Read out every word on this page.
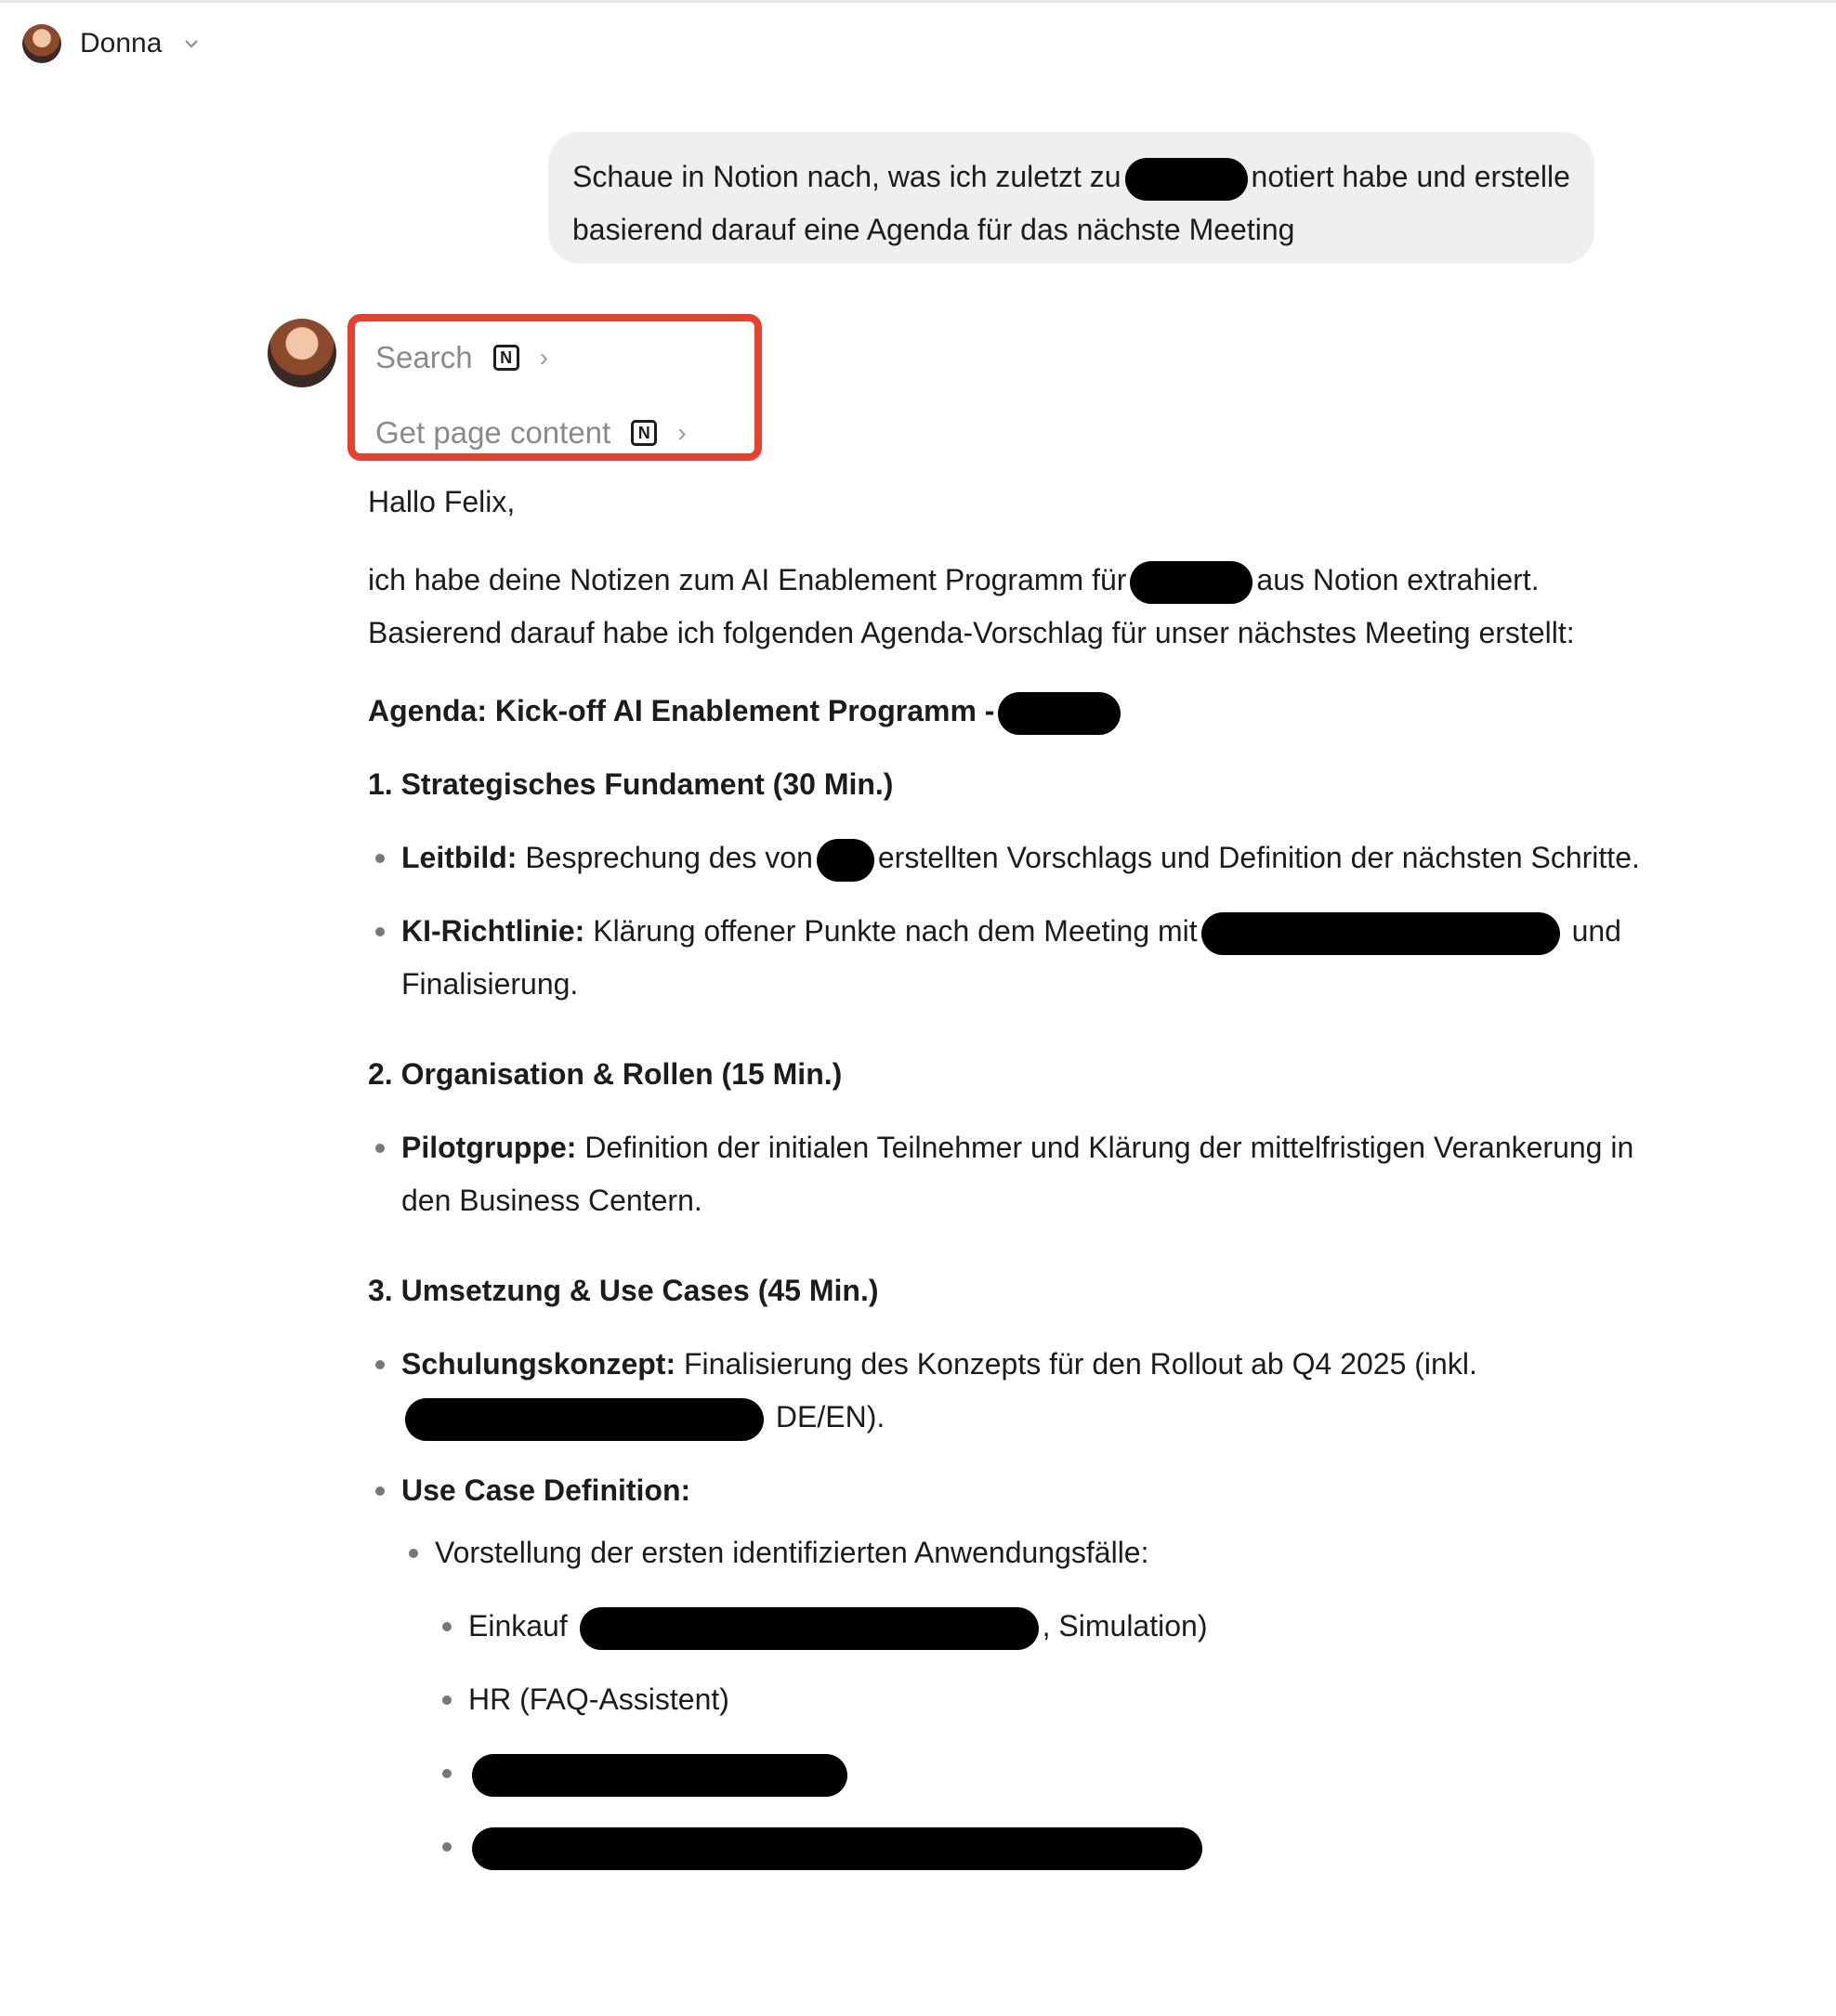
Donna
Schaue in Notion nach, was ich zuletzt zu	notiert habe und erstelle basierend darauf eine Agenda für das nächste Meeting
Search	N ›
Get page content	N ›

Hallo Felix,

ich habe deine Notizen zum AI Enablement Programm für	aus Notion extrahiert. Basierend darauf habe ich folgenden Agenda-Vorschlag für unser nächstes Meeting erstellt:

Agenda: Kick-off AI Enablement Programm -

1. Strategisches Fundament (30 Min.)

Leitbild: Besprechung des von erstellten Vorschlags und Definition der nächsten Schritte.
KI-Richtlinie: Klärung offener Punkte nach dem Meeting mit	und Finalisierung.

2. Organisation & Rollen (15 Min.)

Pilotgruppe: Definition der initialen Teilnehmer und Klärung der mittelfristigen Verankerung in den Business Centern.

3. Umsetzung & Use Cases (45 Min.)

Schulungskonzept: Finalisierung des Konzepts für den Rollout ab Q4 2025 (inkl.  DE/EN).
Use Case Definition:
Vorstellung der ersten identifizierten Anwendungsfälle:
Einkauf	, Simulation)
HR (FAQ-Assistent)
